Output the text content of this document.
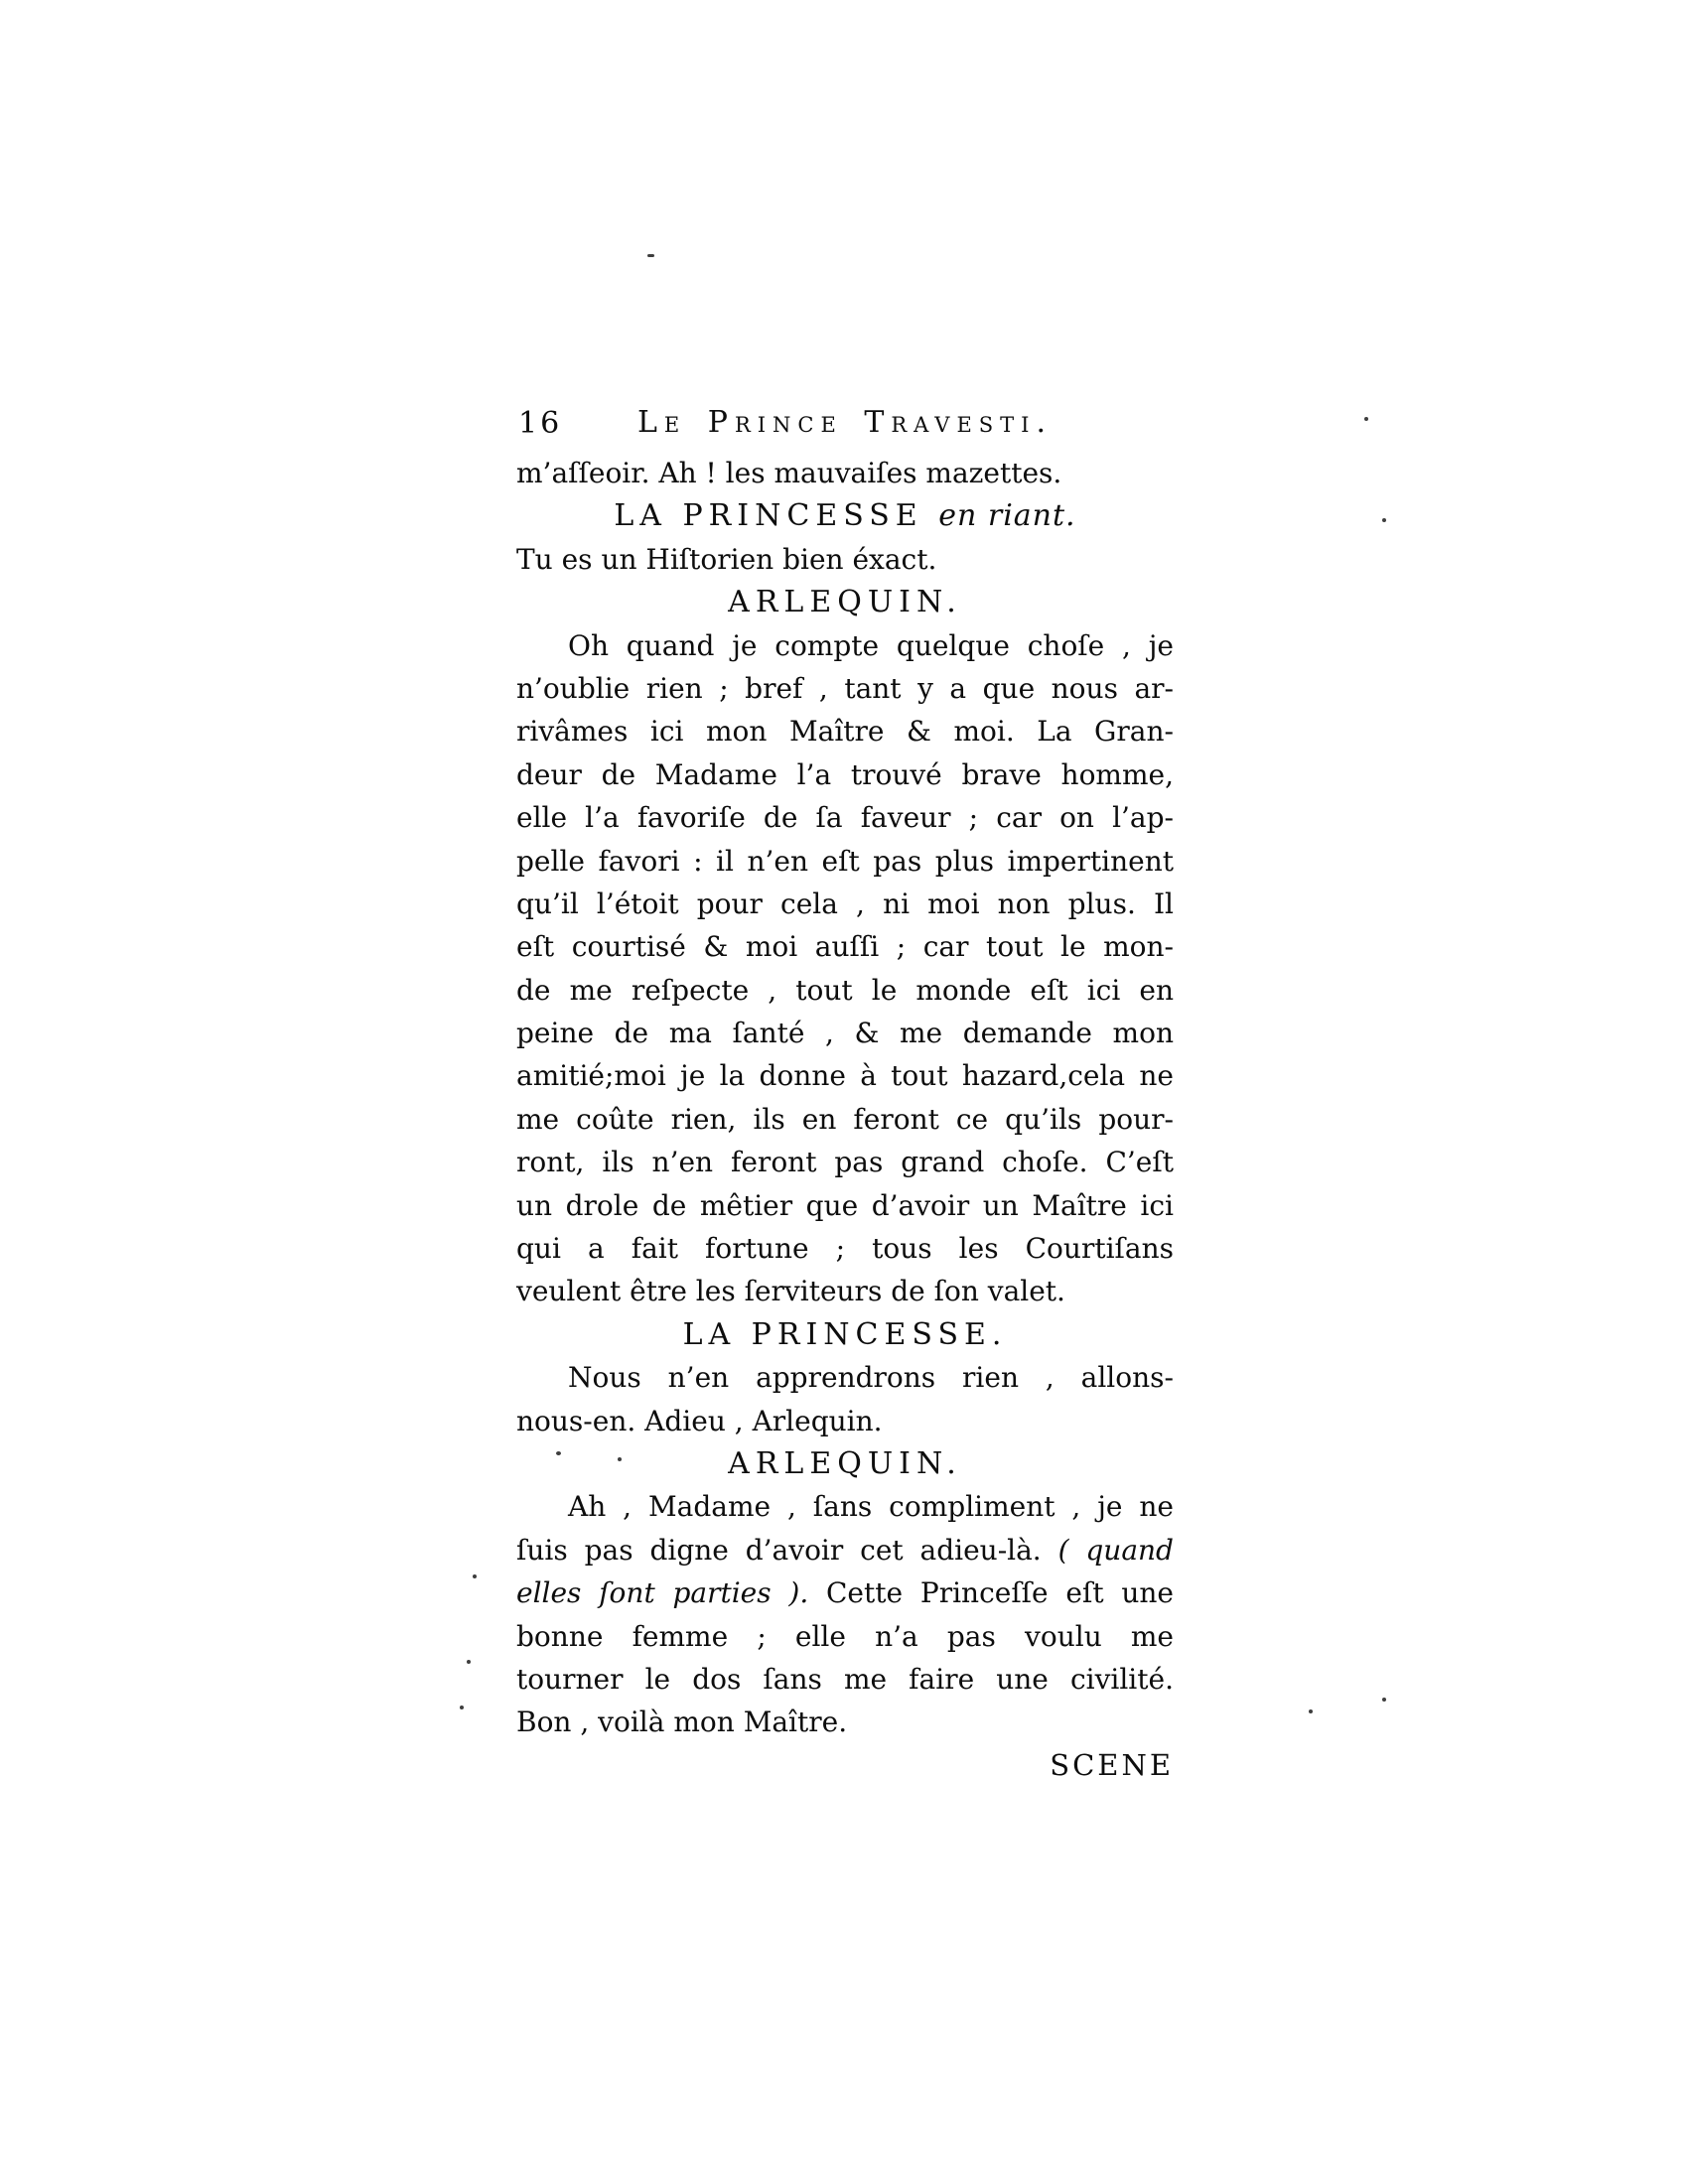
Le Prince Travesti.
16
m’aſſeoir. Ah ! les mauvaiſes mazettes.
LA PRINCESSE en riant.
Tu es un Hiſtorien bien éxact.
ARLEQUIN.
Oh quand je compte quelque choſe , je
n’oublie rien ; bref , tant y a que nous ar-
rivâmes ici mon Maître & moi. La Gran-
deur de Madame l’a trouvé brave homme,
elle l’a favoriſe de ſa faveur ; car on l’ap-
pelle favori : il n’en eſt pas plus impertinent
qu’il l’étoit pour cela , ni moi non plus. Il
eſt courtisé & moi auſſi ; car tout le mon-
de me reſpecte , tout le monde eſt ici en
peine de ma ſanté , & me demande mon
amitié;moi je la donne à tout hazard,cela ne
me coûte rien, ils en feront ce qu’ils pour-
ront, ils n’en feront pas grand choſe. C’eſt
un drole de mêtier que d’avoir un Maître ici
qui a fait fortune ; tous les Courtiſans
veulent être les ſerviteurs de ſon valet.
LA PRINCESSE.
Nous n’en apprendrons rien , allons-
nous-en. Adieu , Arlequin.
ARLEQUIN.
Ah , Madame , ſans compliment , je ne
ſuis pas digne d’avoir cet adieu-là. ( quand
elles ſont parties ). Cette Princeſſe eſt une
bonne femme ; elle n’a pas voulu me
tourner le dos ſans me faire une civilité.
Bon , voilà mon Maître.
SCENE
